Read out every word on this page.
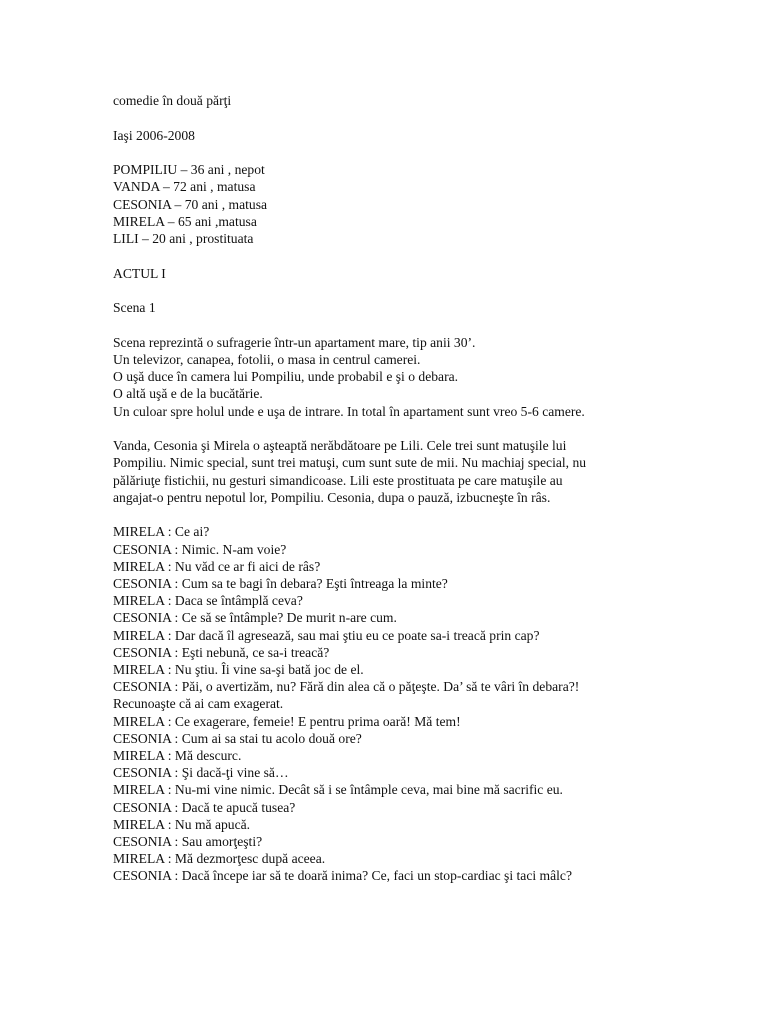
comedie în două părţi
Iaşi 2006-2008
POMPILIU – 36 ani , nepot
VANDA – 72 ani , matusa
CESONIA – 70 ani , matusa
MIRELA – 65 ani ,matusa
LILI – 20 ani , prostituata
ACTUL I
Scena 1
Scena reprezintă o sufragerie într-un apartament mare, tip anii 30’.
Un televizor, canapea, fotolii, o masa in centrul camerei.
O uşă duce în camera lui Pompiliu, unde probabil e şi o debara.
O altă uşă e de la bucătărie.
Un culoar spre holul unde e uşa de intrare. In total în apartament sunt vreo 5-6 camere.
Vanda, Cesonia şi Mirela o aşteaptă nerăbdătoare pe Lili. Cele trei sunt matuşile lui
Pompiliu. Nimic special, sunt trei matuşi, cum sunt sute de mii. Nu machiaj special, nu
pălăriuţe fistichii, nu gesturi simandicoase. Lili este prostituata pe care matuşile au
angajat-o pentru nepotul lor, Pompiliu. Cesonia, dupa o pauză, izbucneşte în râs.
MIRELA : Ce ai?
CESONIA : Nimic. N-am voie?
MIRELA : Nu văd ce ar fi aici de râs?
CESONIA : Cum sa te bagi în debara? Eşti întreaga la minte?
MIRELA : Daca se întâmplă ceva?
CESONIA : Ce să se întâmple? De murit n-are cum.
MIRELA : Dar dacă îl agresează, sau mai ştiu eu ce poate sa-i treacă prin cap?
CESONIA : Eşti nebună, ce sa-i treacă?
MIRELA : Nu ştiu. Îi vine sa-şi bată joc de el.
CESONIA : Păi, o avertizăm, nu? Fără din alea că o păţeşte. Da’ să te vâri în debara?!
Recunoaşte că ai cam exagerat.
MIRELA : Ce exagerare, femeie! E pentru prima oară! Mă tem!
CESONIA : Cum ai sa stai tu acolo două ore?
MIRELA : Mă descurc.
CESONIA : Şi dacă-ţi vine să…
MIRELA : Nu-mi vine nimic. Decât să i se întâmple ceva, mai bine mă sacrific eu.
CESONIA : Dacă te apucă tusea?
MIRELA : Nu mă apucă.
CESONIA : Sau amorţeşti?
MIRELA : Mă dezmorţesc după aceea.
CESONIA : Dacă începe iar să te doară inima? Ce, faci un stop-cardiac şi taci mâlc?
